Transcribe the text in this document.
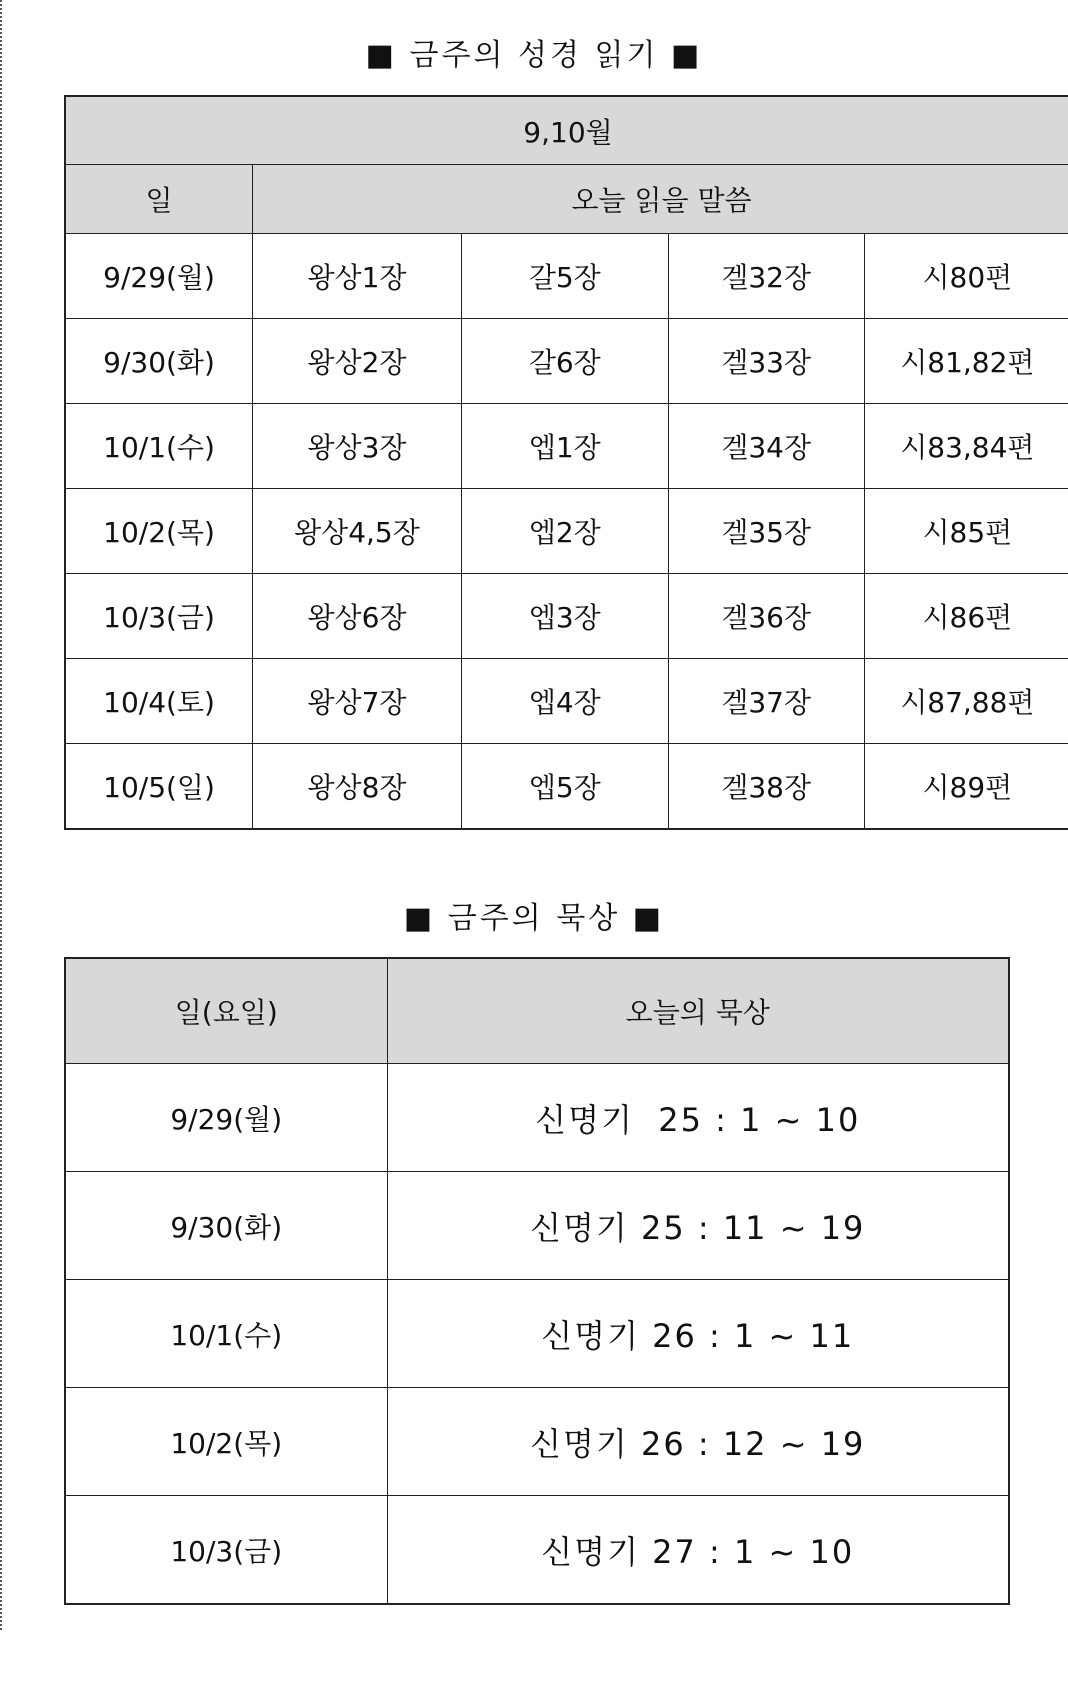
■ 금주의 성경 읽기 ■
9,10월				
일	오늘 읽을 말씀			
9/29(월)	왕상1장	갈5장	겔32장	시80편
9/30(화)	왕상2장	갈6장	겔33장	시81,82편
10/1(수)	왕상3장	엡1장	겔34장	시83,84편
10/2(목)	왕상4,5장	엡2장	겔35장	시85편
10/3(금)	왕상6장	엡3장	겔36장	시86편
10/4(토)	왕상7장	엡4장	겔37장	시87,88편
10/5(일)	왕상8장	엡5장	겔38장	시89편
■ 금주의 묵상 ■
일(요일)	오늘의 묵상
9/29(월)	신명기  25 : 1 ~ 10
9/30(화)	신명기 25 : 11 ~ 19
10/1(수)	신명기 26 : 1 ~ 11
10/2(목)	신명기 26 : 12 ~ 19
10/3(금)	신명기 27 : 1 ~ 10
